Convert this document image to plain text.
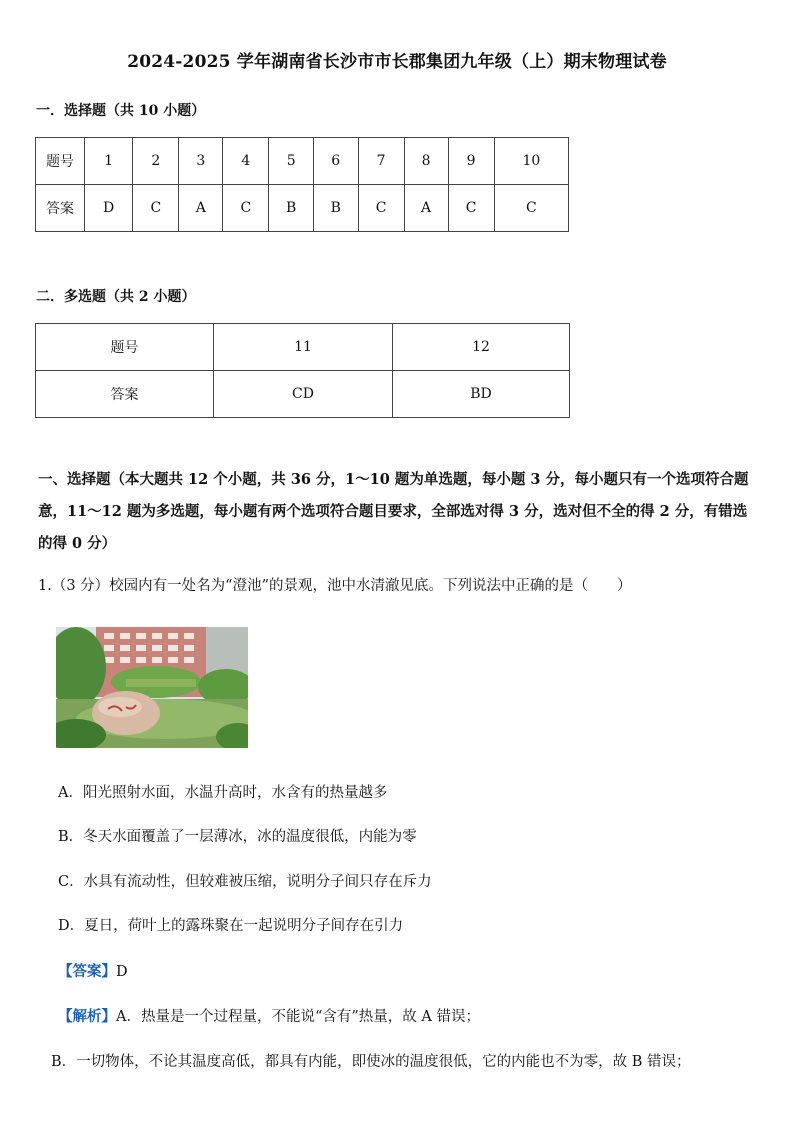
2024-2025 学年湖南省长沙市市长郡集团九年级（上）期末物理试卷
一．选择题（共 10 小题）
题号	1	2	3	4	5	6	7	8	9	10
答案	D	C	A	C	B	B	C	A	C	C
二．多选题（共 2 小题）
题号	11	12
答案	CD	BD
一、选择题（本大题共 12 个小题，共 36 分，1～10 题为单选题，每小题 3 分，每小题只有一个选项符合题意，11～12 题为多选题，每小题有两个选项符合题目要求，全部选对得 3 分，选对但不全的得 2 分，有错选的得 0 分）
1.（3 分）校园内有一处名为“澄池”的景观，池中水清澈见底。下列说法中正确的是（　　）
A．阳光照射水面，水温升高时，水含有的热量越多
B．冬天水面覆盖了一层薄冰，冰的温度很低，内能为零
C．水具有流动性，但较难被压缩，说明分子间只存在斥力
D．夏日，荷叶上的露珠聚在一起说明分子间存在引力
【答案】D
【解析】A．热量是一个过程量，不能说“含有”热量，故 A 错误；
B．一切物体，不论其温度高低，都具有内能，即使冰的温度很低，它的内能也不为零，故 B 错误；
